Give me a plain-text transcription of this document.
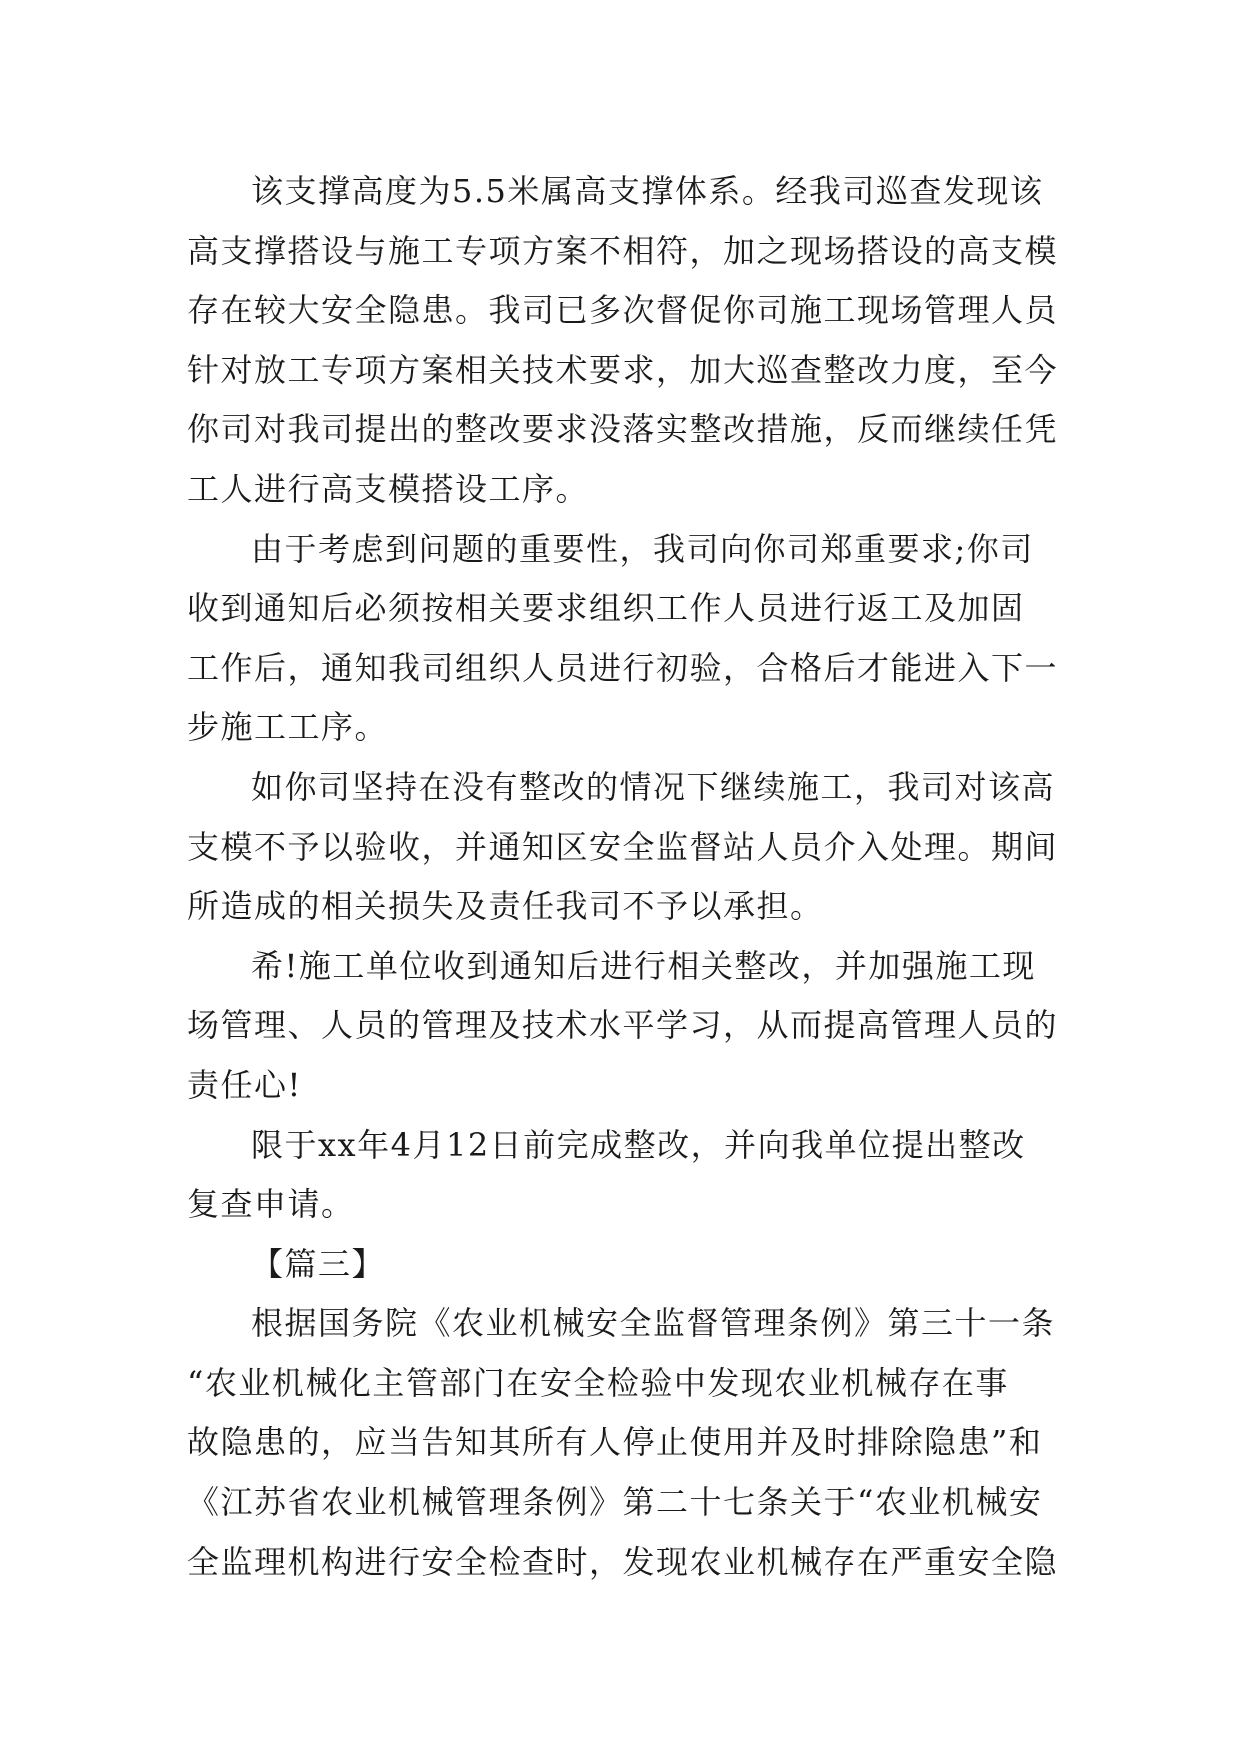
该支撑高度为5.5米属高支撑体系。经我司巡查发现该
高支撑搭设与施工专项方案不相符，加之现场搭设的高支模
存在较大安全隐患。我司已多次督促你司施工现场管理人员
针对放工专项方案相关技术要求，加大巡查整改力度，至今
你司对我司提出的整改要求没落实整改措施，反而继续任凭
工人进行高支模搭设工序。
由于考虑到问题的重要性，我司向你司郑重要求;你司
收到通知后必须按相关要求组织工作人员进行返工及加固
工作后，通知我司组织人员进行初验，合格后才能进入下一
步施工工序。
如你司坚持在没有整改的情况下继续施工，我司对该高
支模不予以验收，并通知区安全监督站人员介入处理。期间
所造成的相关损失及责任我司不予以承担。
希!施工单位收到通知后进行相关整改，并加强施工现
场管理、人员的管理及技术水平学习，从而提高管理人员的
责任心!
限于xx年4月12日前完成整改，并向我单位提出整改
复查申请。
【篇三】
根据国务院《农业机械安全监督管理条例》第三十一条
“农业机械化主管部门在安全检验中发现农业机械存在事
故隐患的，应当告知其所有人停止使用并及时排除隐患”和
《江苏省农业机械管理条例》第二十七条关于“农业机械安
全监理机构进行安全检查时，发现农业机械存在严重安全隐
